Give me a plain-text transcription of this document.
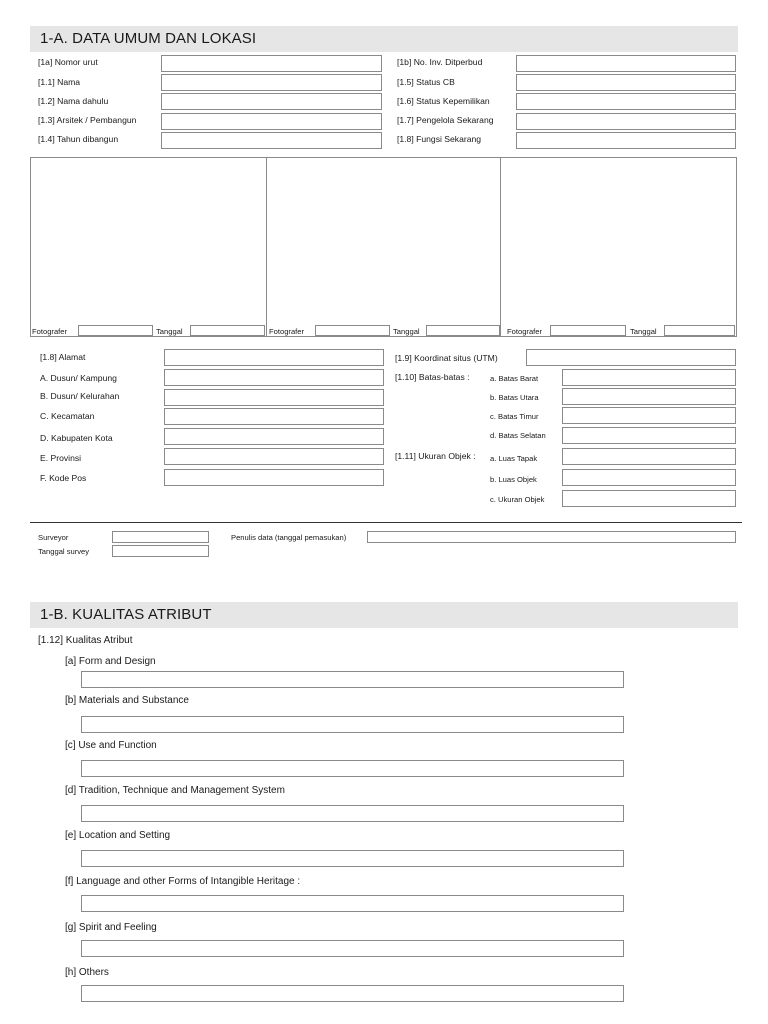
1-A. DATA UMUM DAN LOKASI
[1a] Nomor urut
[1.1] Nama
[1.2] Nama dahulu
[1.3] Arsitek / Pembangun
[1.4] Tahun dibangun
[1b] No. Inv. Ditperbud
[1.5] Status CB
[1.6] Status Kepemilikan
[1.7] Pengelola Sekarang
[1.8] Fungsi Sekarang
Fotografer	Tanggal	Fotografer	Tanggal	Fotografer	Tanggal
[1.8] Alamat
A. Dusun/ Kampung
B. Dusun/ Kelurahan
C. Kecamatan
D. Kabupaten Kota
E. Provinsi
F. Kode Pos
[1.9] Koordinat situs (UTM)
[1.10] Batas-batas :	a. Batas Barat
b. Batas Utara
c. Batas Timur
d. Batas Selatan
[1.11] Ukuran Objek : a. Luas Tapak
b. Luas Objek
c. Ukuran Objek
Surveyor
Tanggal survey
Penulis data (tanggal pemasukan)
1-B. KUALITAS ATRIBUT
[1.12] Kualitas Atribut
[a] Form and Design
[b] Materials and Substance
[c] Use and Function
[d] Tradition, Technique and Management System
[e] Location and Setting
[f] Language and other Forms of Intangible Heritage :
[g] Spirit and Feeling
[h] Others
